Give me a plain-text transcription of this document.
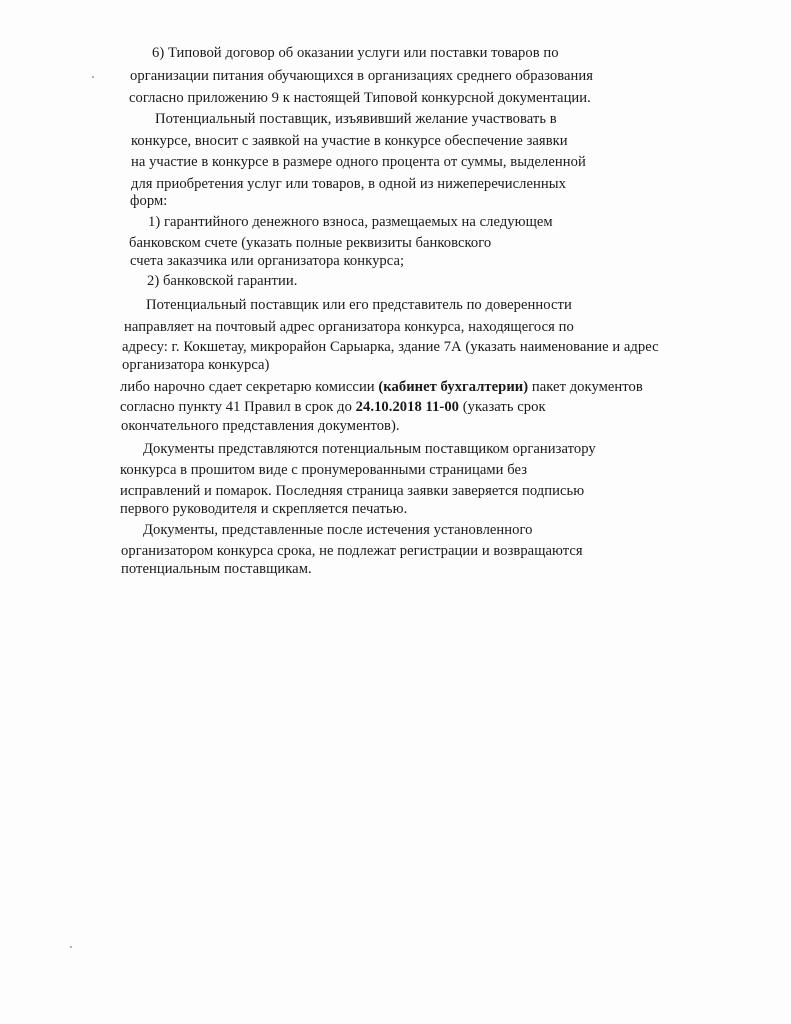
6) Типовой договор об оказании услуги или поставки товаров по
организации питания обучающихся в организациях среднего образования
согласно приложению 9 к настоящей Типовой конкурсной документации.
Потенциальный поставщик, изъявивший желание участвовать в
конкурсе, вносит с заявкой на участие в конкурсе обеспечение заявки
на участие в конкурсе в размере одного процента от суммы, выделенной
для приобретения услуг или товаров, в одной из нижеперечисленных
форм:
1) гарантийного денежного взноса, размещаемых на следующем
банковском счете (указать полные реквизиты банковского
счета заказчика или организатора конкурса;
2) банковской гарантии.
Потенциальный поставщик или его представитель по доверенности
направляет на почтовый адрес организатора конкурса, находящегося по
адресу: г. Кокшетау, микрорайон Сарыарка, здание 7А (указать наименование и адрес
организатора конкурса)
либо нарочно сдает секретарю комиссии (кабинет бухгалтерии) пакет документов
согласно пункту 41 Правил в срок до 24.10.2018 11-00 (указать срок
окончательного представления документов).
Документы представляются потенциальным поставщиком организатору
конкурса в прошитом виде с пронумерованными страницами без
исправлений и помарок. Последняя страница заявки заверяется подписью
первого руководителя и скрепляется печатью.
Документы, представленные после истечения установленного
организатором конкурса срока, не подлежат регистрации и возвращаются
потенциальным поставщикам.
